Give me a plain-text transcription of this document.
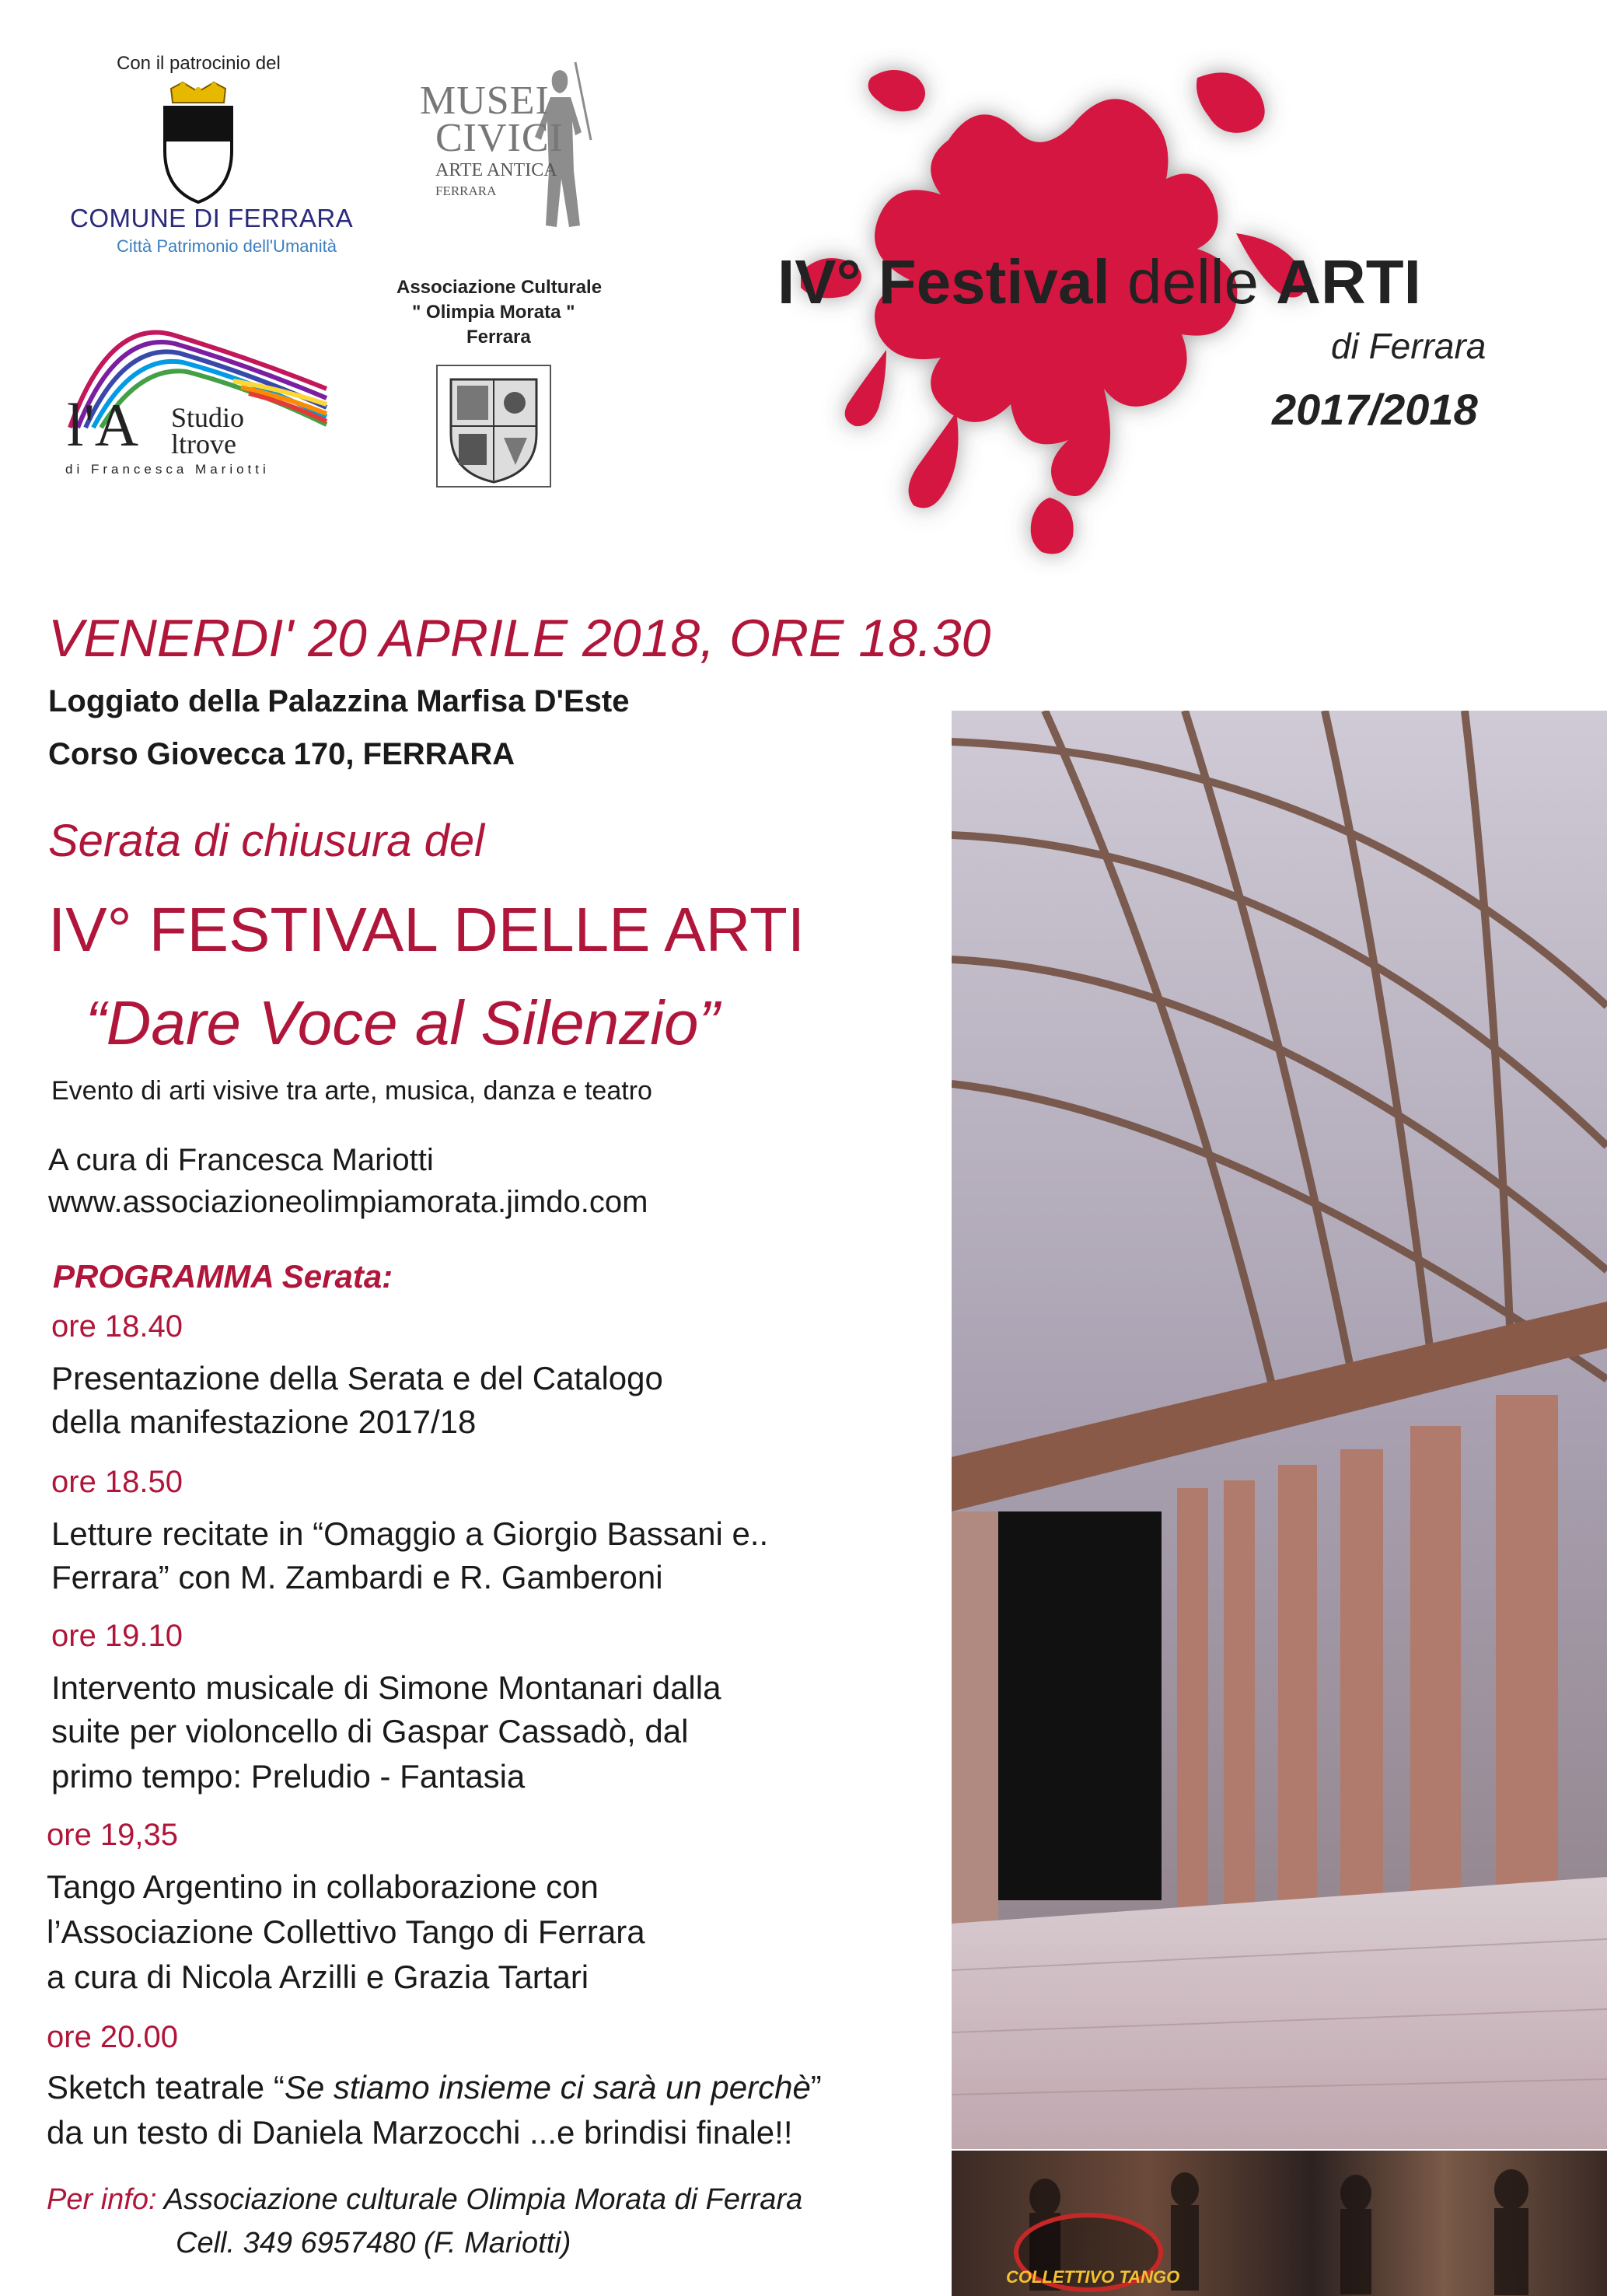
Con il patrocinio del
COMUNE DI FERRARA
Città Patrimonio dell'Umanità
MUSEI
CIVICI
ARTE ANTICA
FERRARA
Associazione Culturale
" Olimpia Morata "
Ferrara
l'A Studio
ltrove
di Francesca Mariotti
IV° Festival delle ARTI
di Ferrara
2017/2018
COLLETTIVO TANGO
VENERDI' 20 APRILE 2018, ORE 18.30
Loggiato della Palazzina Marfisa D'Este
Corso Giovecca 170, FERRARA
Serata di chiusura del
IV° FESTIVAL DELLE ARTI
“Dare Voce al Silenzio”
Evento di arti visive tra arte, musica, danza e teatro
A cura di Francesca Mariotti
www.associazioneolimpiamorata.jimdo.com
PROGRAMMA Serata:
ore 18.40
Presentazione della Serata e del Catalogo
della manifestazione 2017/18
ore 18.50
Letture recitate in “Omaggio a Giorgio Bassani e..
Ferrara” con M. Zambardi e R. Gamberoni
ore 19.10
Intervento musicale di Simone Montanari dalla
suite per violoncello di Gaspar Cassadò, dal
primo tempo: Preludio - Fantasia
ore 19,35
Tango Argentino in collaborazione con
l’Associazione Collettivo Tango di Ferrara
a cura di Nicola Arzilli e Grazia Tartari
ore 20.00
Sketch teatrale “Se stiamo insieme ci sarà un perchè”
da un testo di Daniela Marzocchi ...e brindisi finale!!
Per info: Associazione culturale Olimpia Morata di Ferrara
Cell. 349 6957480 (F. Mariotti)
